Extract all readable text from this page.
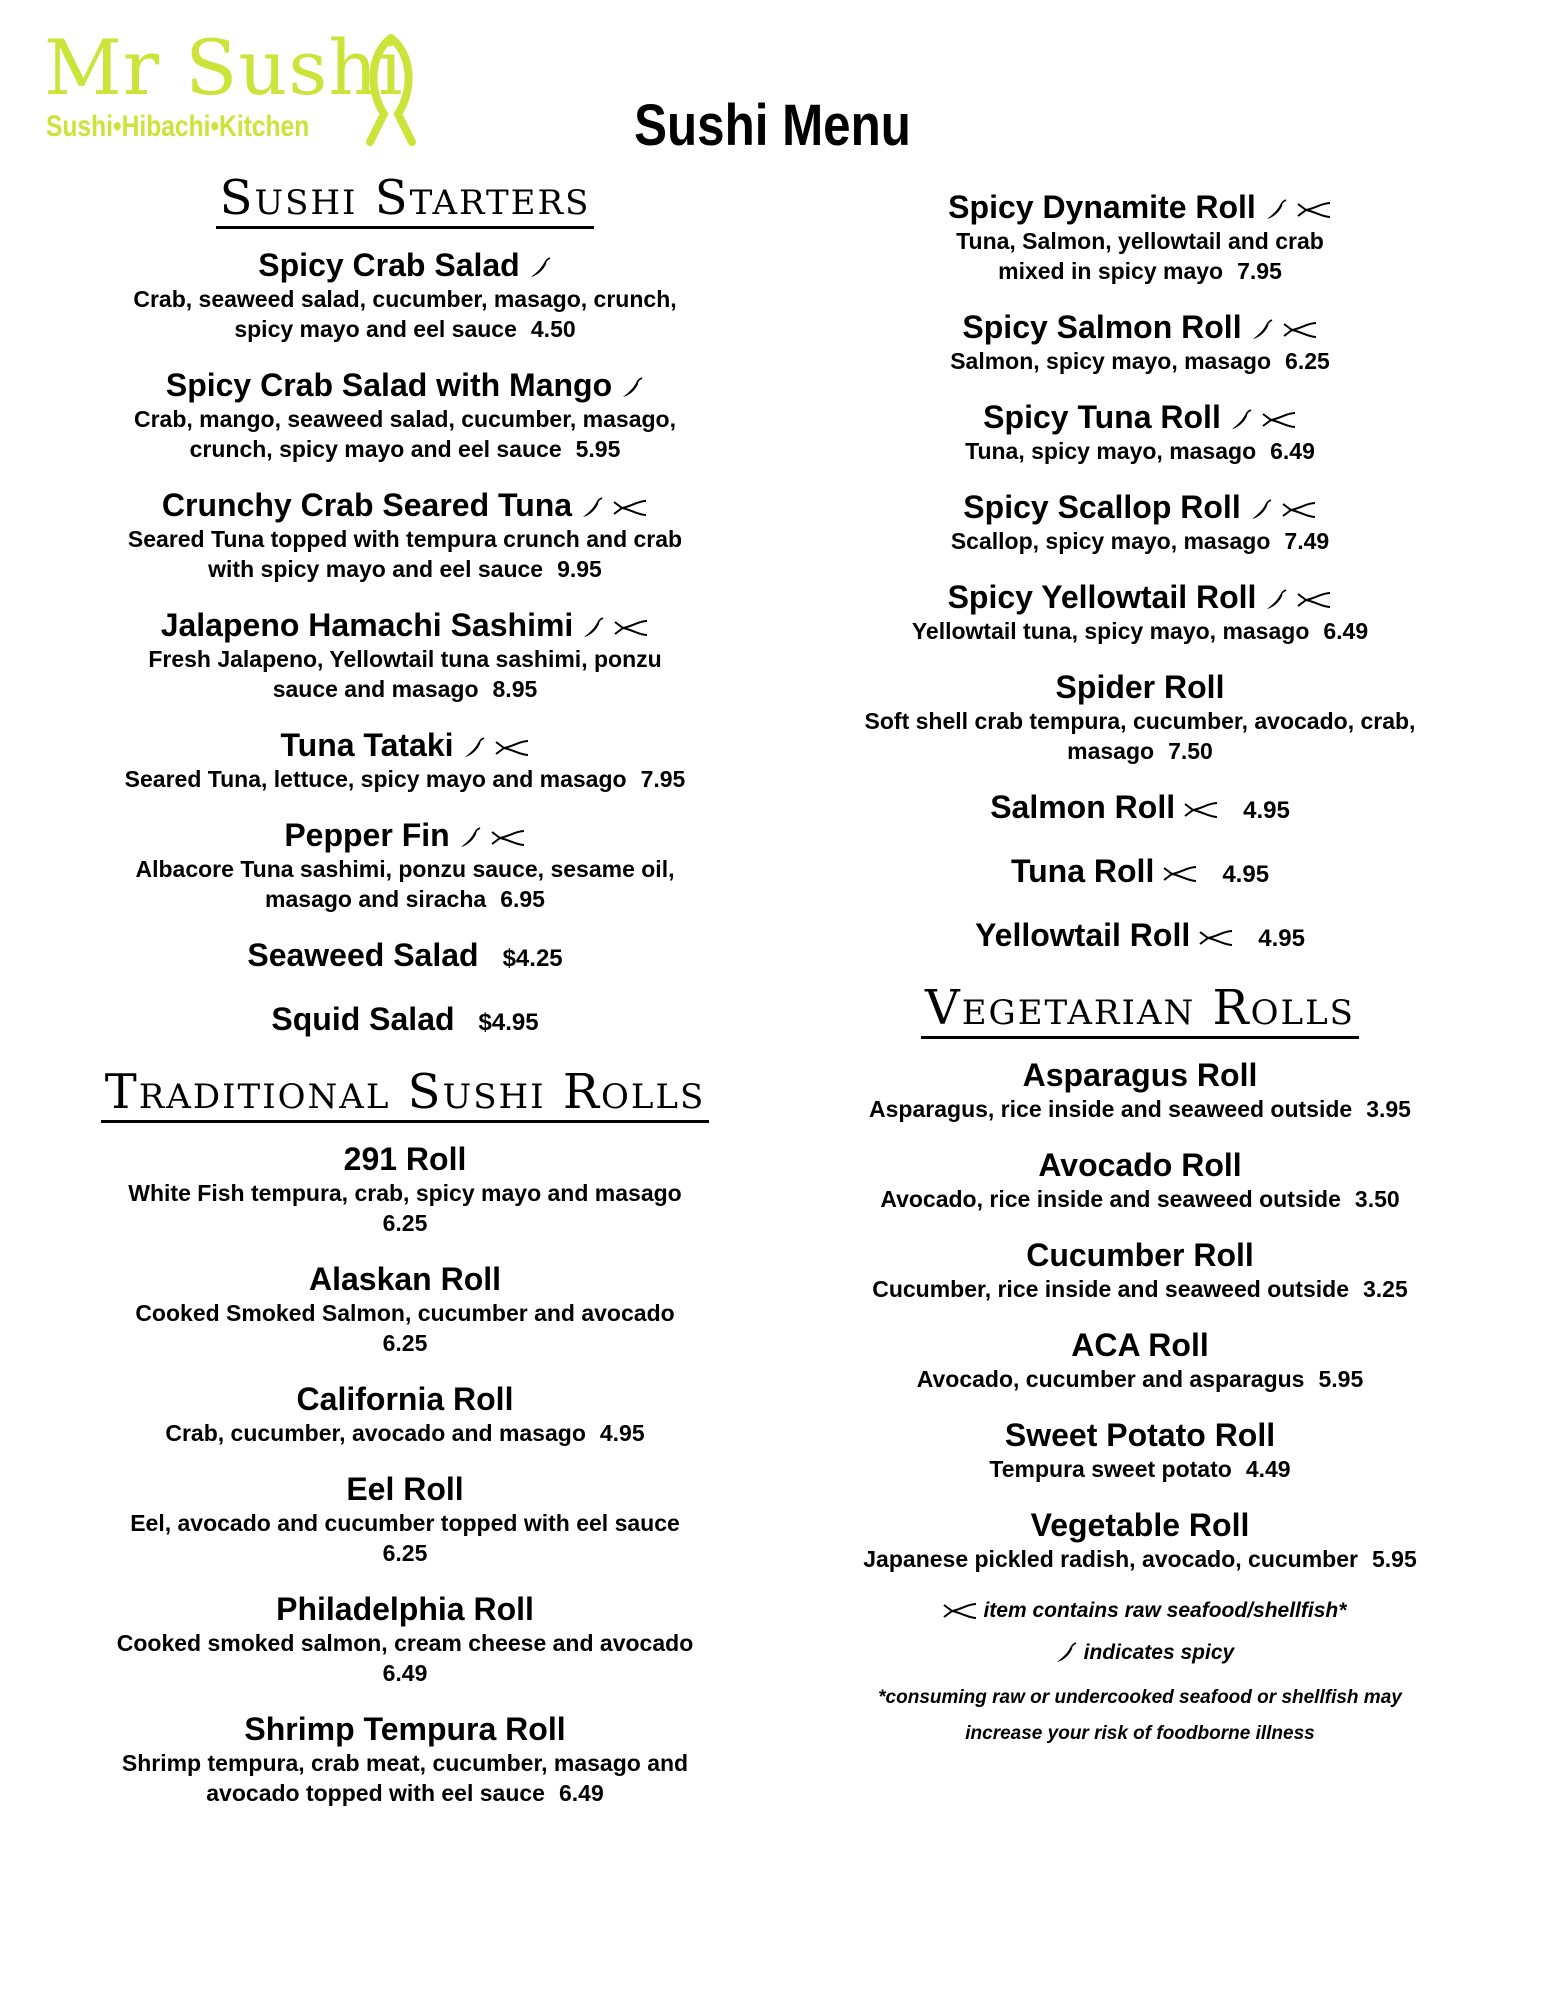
Mr Sushi
Sushi•Hibachi•Kitchen	Sushi Menu
Sushi Starters
Spicy Crab Salad
Crab, seaweed salad, cucumber, masago, crunch,
spicy mayo and eel sauce 4.50
Spicy Crab Salad with Mango
Crab, mango, seaweed salad, cucumber, masago,
crunch, spicy mayo and eel sauce 5.95
Crunchy Crab Seared Tuna
Seared Tuna topped with tempura crunch and crab
with spicy mayo and eel sauce 9.95
Jalapeno Hamachi Sashimi
Fresh Jalapeno, Yellowtail tuna sashimi, ponzu
sauce and masago 8.95
Tuna Tataki
Seared Tuna, lettuce, spicy mayo and masago 7.95
Pepper Fin
Albacore Tuna sashimi, ponzu sauce, sesame oil,
masago and siracha 6.95
Seaweed Salad $4.25
Squid Salad $4.95
Traditional Sushi Rolls
291 Roll
White Fish tempura, crab, spicy mayo and masago
6.25
Alaskan Roll
Cooked Smoked Salmon, cucumber and avocado
6.25
California Roll
Crab, cucumber, avocado and masago 4.95
Eel Roll
Eel, avocado and cucumber topped with eel sauce
6.25
Philadelphia Roll
Cooked smoked salmon, cream cheese and avocado
6.49
Shrimp Tempura Roll
Shrimp tempura, crab meat, cucumber, masago and
avocado topped with eel sauce 6.49
Spicy Dynamite Roll
Tuna, Salmon, yellowtail and crab
mixed in spicy mayo 7.95
Spicy Salmon Roll
Salmon, spicy mayo, masago 6.25
Spicy Tuna Roll
Tuna, spicy mayo, masago 6.49
Spicy Scallop Roll
Scallop, spicy mayo, masago 7.49
Spicy Yellowtail Roll
Yellowtail tuna, spicy mayo, masago 6.49
Spider Roll
Soft shell crab tempura, cucumber, avocado, crab,
masago 7.50
Salmon Roll	4.95
Tuna Roll	4.95
Yellowtail Roll	4.95
Vegetarian Rolls
Asparagus Roll
Asparagus, rice inside and seaweed outside 3.95
Avocado Roll
Avocado, rice inside and seaweed outside 3.50
Cucumber Roll
Cucumber, rice inside and seaweed outside 3.25
ACA Roll
Avocado, cucumber and asparagus 5.95
Sweet Potato Roll
Tempura sweet potato 4.49
Vegetable Roll
Japanese pickled radish, avocado, cucumber 5.95
item contains raw seafood/shellfish*
indicates spicy
*consuming raw or undercooked seafood or shellfish may
increase your risk of foodborne illness
